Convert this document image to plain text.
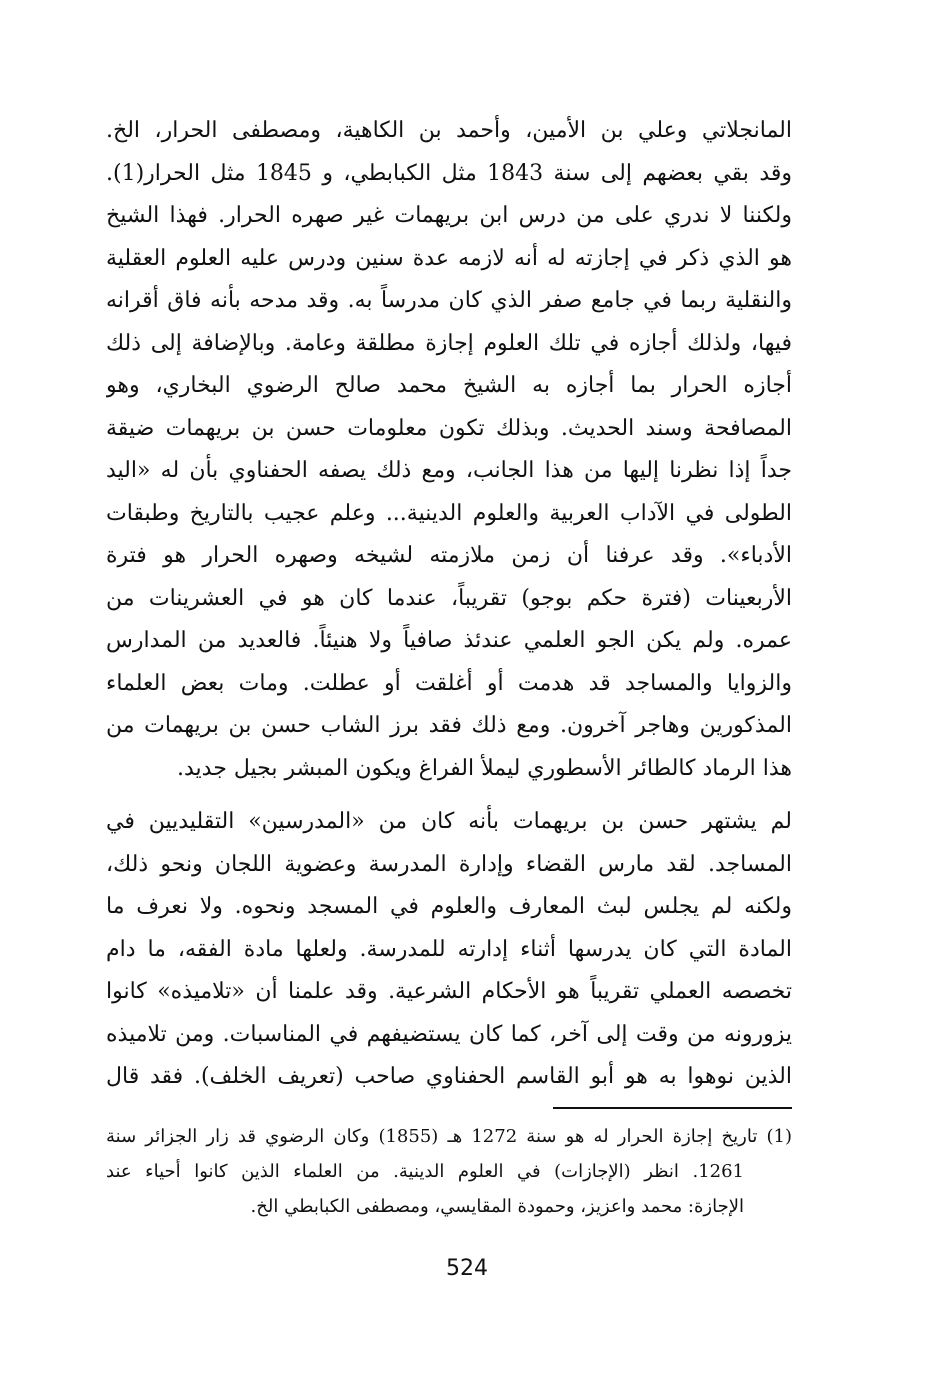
المانجلاتي وعلي بن الأمين، وأحمد بن الكاهية، ومصطفى الحرار، الخ.
وقد بقي بعضهم إلى سنة 1843 مثل الكبابطي، و 1845 مثل الحرار(1).
ولكننا لا ندري على من درس ابن بريهمات غير صهره الحرار. فهذا الشيخ
هو الذي ذكر في إجازته له أنه لازمه عدة سنين ودرس عليه العلوم العقلية
والنقلية ربما في جامع صفر الذي كان مدرساً به. وقد مدحه بأنه فاق أقرانه
فيها، ولذلك أجازه في تلك العلوم إجازة مطلقة وعامة. وبالإضافة إلى ذلك
أجازه الحرار بما أجازه به الشيخ محمد صالح الرضوي البخاري، وهو
المصافحة وسند الحديث. وبذلك تكون معلومات حسن بن بريهمات ضيقة
جداً إذا نظرنا إليها من هذا الجانب، ومع ذلك يصفه الحفناوي بأن له «اليد
الطولى في الآداب العربية والعلوم الدينية... وعلم عجيب بالتاريخ وطبقات
الأدباء». وقد عرفنا أن زمن ملازمته لشيخه وصهره الحرار هو فترة
الأربعينات (فترة حكم بوجو) تقريباً، عندما كان هو في العشرينات من
عمره. ولم يكن الجو العلمي عندئذ صافياً ولا هنيئاً. فالعديد من المدارس
والزوايا والمساجد قد هدمت أو أغلقت أو عطلت. ومات بعض العلماء
المذكورين وهاجر آخرون. ومع ذلك فقد برز الشاب حسن بن بريهمات من
هذا الرماد كالطائر الأسطوري ليملأ الفراغ ويكون المبشر بجيل جديد.
لم يشتهر حسن بن بريهمات بأنه كان من «المدرسين» التقليديين في
المساجد. لقد مارس القضاء وإدارة المدرسة وعضوية اللجان ونحو ذلك،
ولكنه لم يجلس لبث المعارف والعلوم في المسجد ونحوه. ولا نعرف ما
المادة التي كان يدرسها أثناء إدارته للمدرسة. ولعلها مادة الفقه، ما دام
تخصصه العملي تقريباً هو الأحكام الشرعية. وقد علمنا أن «تلاميذه» كانوا
يزورونه من وقت إلى آخر، كما كان يستضيفهم في المناسبات. ومن تلاميذه
الذين نوهوا به هو أبو القاسم الحفناوي صاحب (تعريف الخلف). فقد قال
(1) تاريخ إجازة الحرار له هو سنة 1272 هـ (1855) وكان الرضوي قد زار الجزائر سنة
1261. انظر (الإجازات) في العلوم الدينية. من العلماء الذين كانوا أحياء عند
الإجازة: محمد واعزيز، وحمودة المقايسي، ومصطفى الكبابطي الخ.
524
